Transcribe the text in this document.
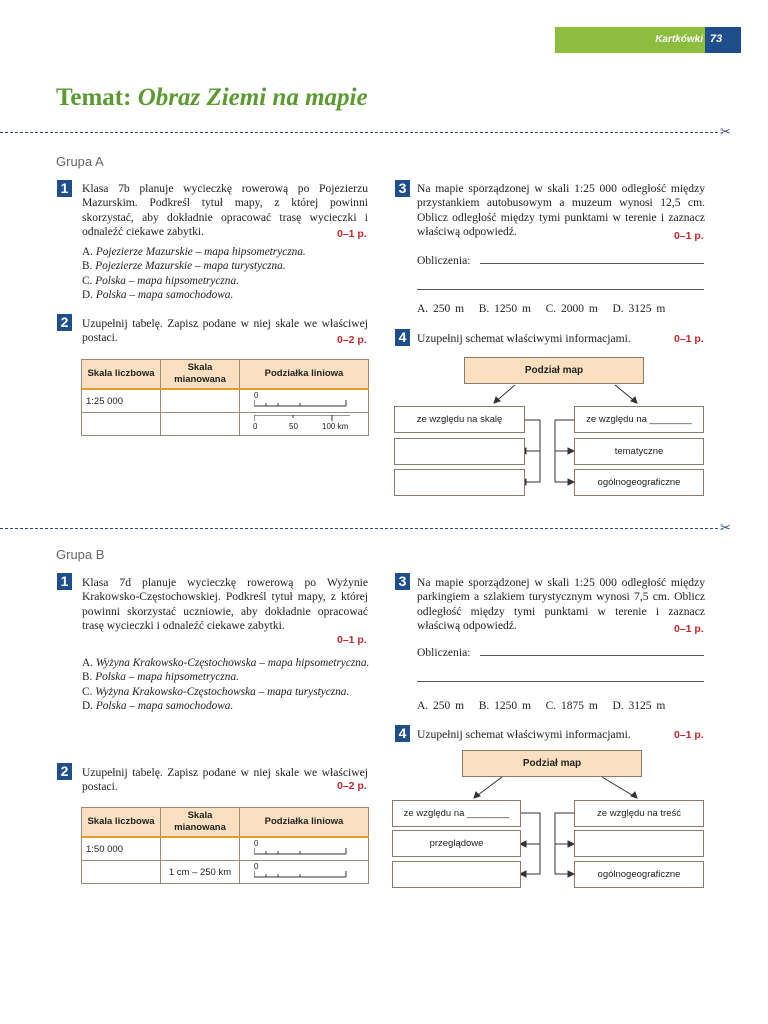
Kartkówki 73
Temat: Obraz Ziemi na mapie
✂
Grupa A
1	Klasa 7b planuje wycieczkę rowerową po Pojezierzu Mazurskim. Podkreśl tytuł mapy, z której powinni skorzystać, aby dokładnie opracować trasę wycieczki i odnaleźć ciekawe zabytki.	0–1 p.
A. Pojezierze Mazurskie – mapa hipsometryczna.
B. Pojezierze Mazurskie – mapa turystyczna.
C. Polska – mapa hipsometryczna.
D. Polska – mapa samochodowa.
2	Uzupełnij tabelę. Zapisz podane w niej skale we właściwej postaci.	0–2 p.
Skala liczbowa	Skala mianowana	Podziałka liniowa
1:25 000		0

		0 50 100 km
3 Na mapie sporządzonej w skali 1:25 000 odległość między przystankiem autobusowym a muzeum wynosi 12,5 cm. Oblicz odległość między tymi punktami w terenie i zaznacz właściwą odpowiedź.	0–1 p.
Obliczenia:
A. 250 m B. 1250 m C. 2000 m D. 3125 m
4 Uzupełnij schemat właściwymi informacjami.	0–1 p.
Podział map
ze względu na skalę	ze względu na ________
tematyczne
ogólnogeograficzne
✂
Grupa B
1	Klasa 7d planuje wycieczkę rowerową po Wyżynie Krakowsko-Częstochowskiej. Podkreśl tytuł mapy, z której powinni skorzystać uczniowie, aby dokładnie opracować trasę wycieczki i odnaleźć ciekawe zabytki.
0–1 p.
A. Wyżyna Krakowsko-Częstochowska – mapa hipsometryczna.
B. Polska – mapa hipsometryczna.
C. Wyżyna Krakowsko-Częstochowska – mapa turystyczna.
D. Polska – mapa samochodowa.
2	Uzupełnij tabelę. Zapisz podane w niej skale we właściwej postaci.	0–2 p.
Skala liczbowa	Skala mianowana	Podziałka liniowa
1:50 000		0

	1 cm – 250 km	0
3 Na mapie sporządzonej w skali 1:25 000 odległość między parkingiem a szlakiem turystycznym wynosi 7,5 cm. Oblicz odległość między tymi punktami w terenie i zaznacz właściwą odpowiedź.	0–1 p.
Obliczenia:
A. 250 m B. 1250 m C. 1875 m D. 3125 m
4 Uzupełnij schemat właściwymi informacjami.	0–1 p.
Podział map
ze względu na ________	ze względu na treść
przeglądowe
ogólnogeograficzne
